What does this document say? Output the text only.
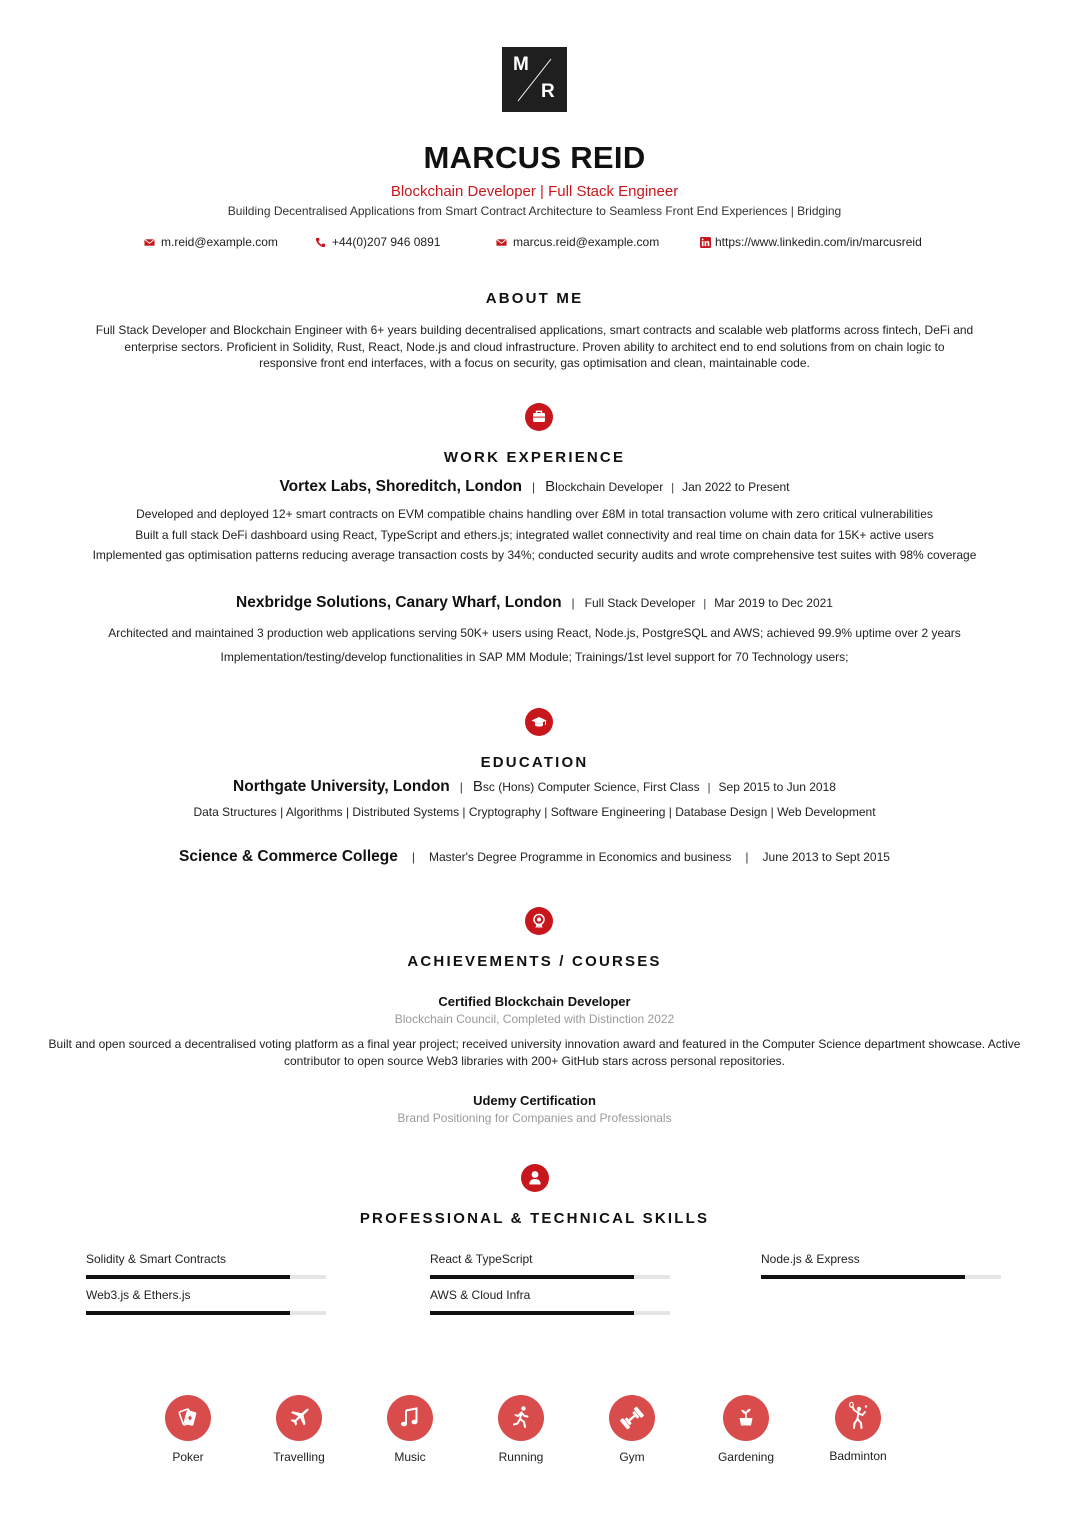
M
R
MARCUS REID
Blockchain Developer | Full Stack Engineer
Building Decentralised Applications from Smart Contract Architecture to Seamless Front End Experiences | Bridging
m.reid@example.com	+44(0)207 946 0891	marcus.reid@example.com	https://www.linkedin.com/in/marcusreid
ABOUT ME
Full Stack Developer and Blockchain Engineer with 6+ years building decentralised applications, smart contracts and scalable web platforms across fintech, DeFi and
enterprise sectors. Proficient in Solidity, Rust, React, Node.js and cloud infrastructure. Proven ability to architect end to end solutions from on chain logic to
responsive front end interfaces, with a focus on security, gas optimisation and clean, maintainable code.
WORK EXPERIENCE
Vortex Labs, Shoreditch, London | Blockchain Developer | Jan 2022 to Present
Developed and deployed 12+ smart contracts on EVM compatible chains handling over £8M in total transaction volume with zero critical vulnerabilities
Built a full stack DeFi dashboard using React, TypeScript and ethers.js; integrated wallet connectivity and real time on chain data for 15K+ active users
Implemented gas optimisation patterns reducing average transaction costs by 34%; conducted security audits and wrote comprehensive test suites with 98% coverage
Nexbridge Solutions, Canary Wharf, London | Full Stack Developer | Mar 2019 to Dec 2021
Architected and maintained 3 production web applications serving 50K+ users using React, Node.js, PostgreSQL and AWS; achieved 99.9% uptime over 2 years
Implementation/testing/develop functionalities in SAP MM Module; Trainings/1st level support for 70 Technology users;
EDUCATION
Northgate University, London | Bsc (Hons) Computer Science, First Class | Sep 2015 to Jun 2018
Data Structures | Algorithms | Distributed Systems | Cryptography | Software Engineering | Database Design | Web Development
Science & Commerce College | Master's Degree Programme in Economics and business | June 2013 to Sept 2015
ACHIEVEMENTS / COURSES
Certified Blockchain Developer
Blockchain Council, Completed with Distinction 2022
Built and open sourced a decentralised voting platform as a final year project; received university innovation award and featured in the Computer Science department showcase. Active
contributor to open source Web3 libraries with 200+ GitHub stars across personal repositories.
Udemy Certification
Brand Positioning for Companies and Professionals
PROFESSIONAL & TECHNICAL SKILLS
Solidity & Smart Contracts	React & TypeScript	Node.js & Express
Web3.js & Ethers.js	AWS & Cloud Infra
Poker	Travelling	Music	Running	Gym	Gardening	Badminton
